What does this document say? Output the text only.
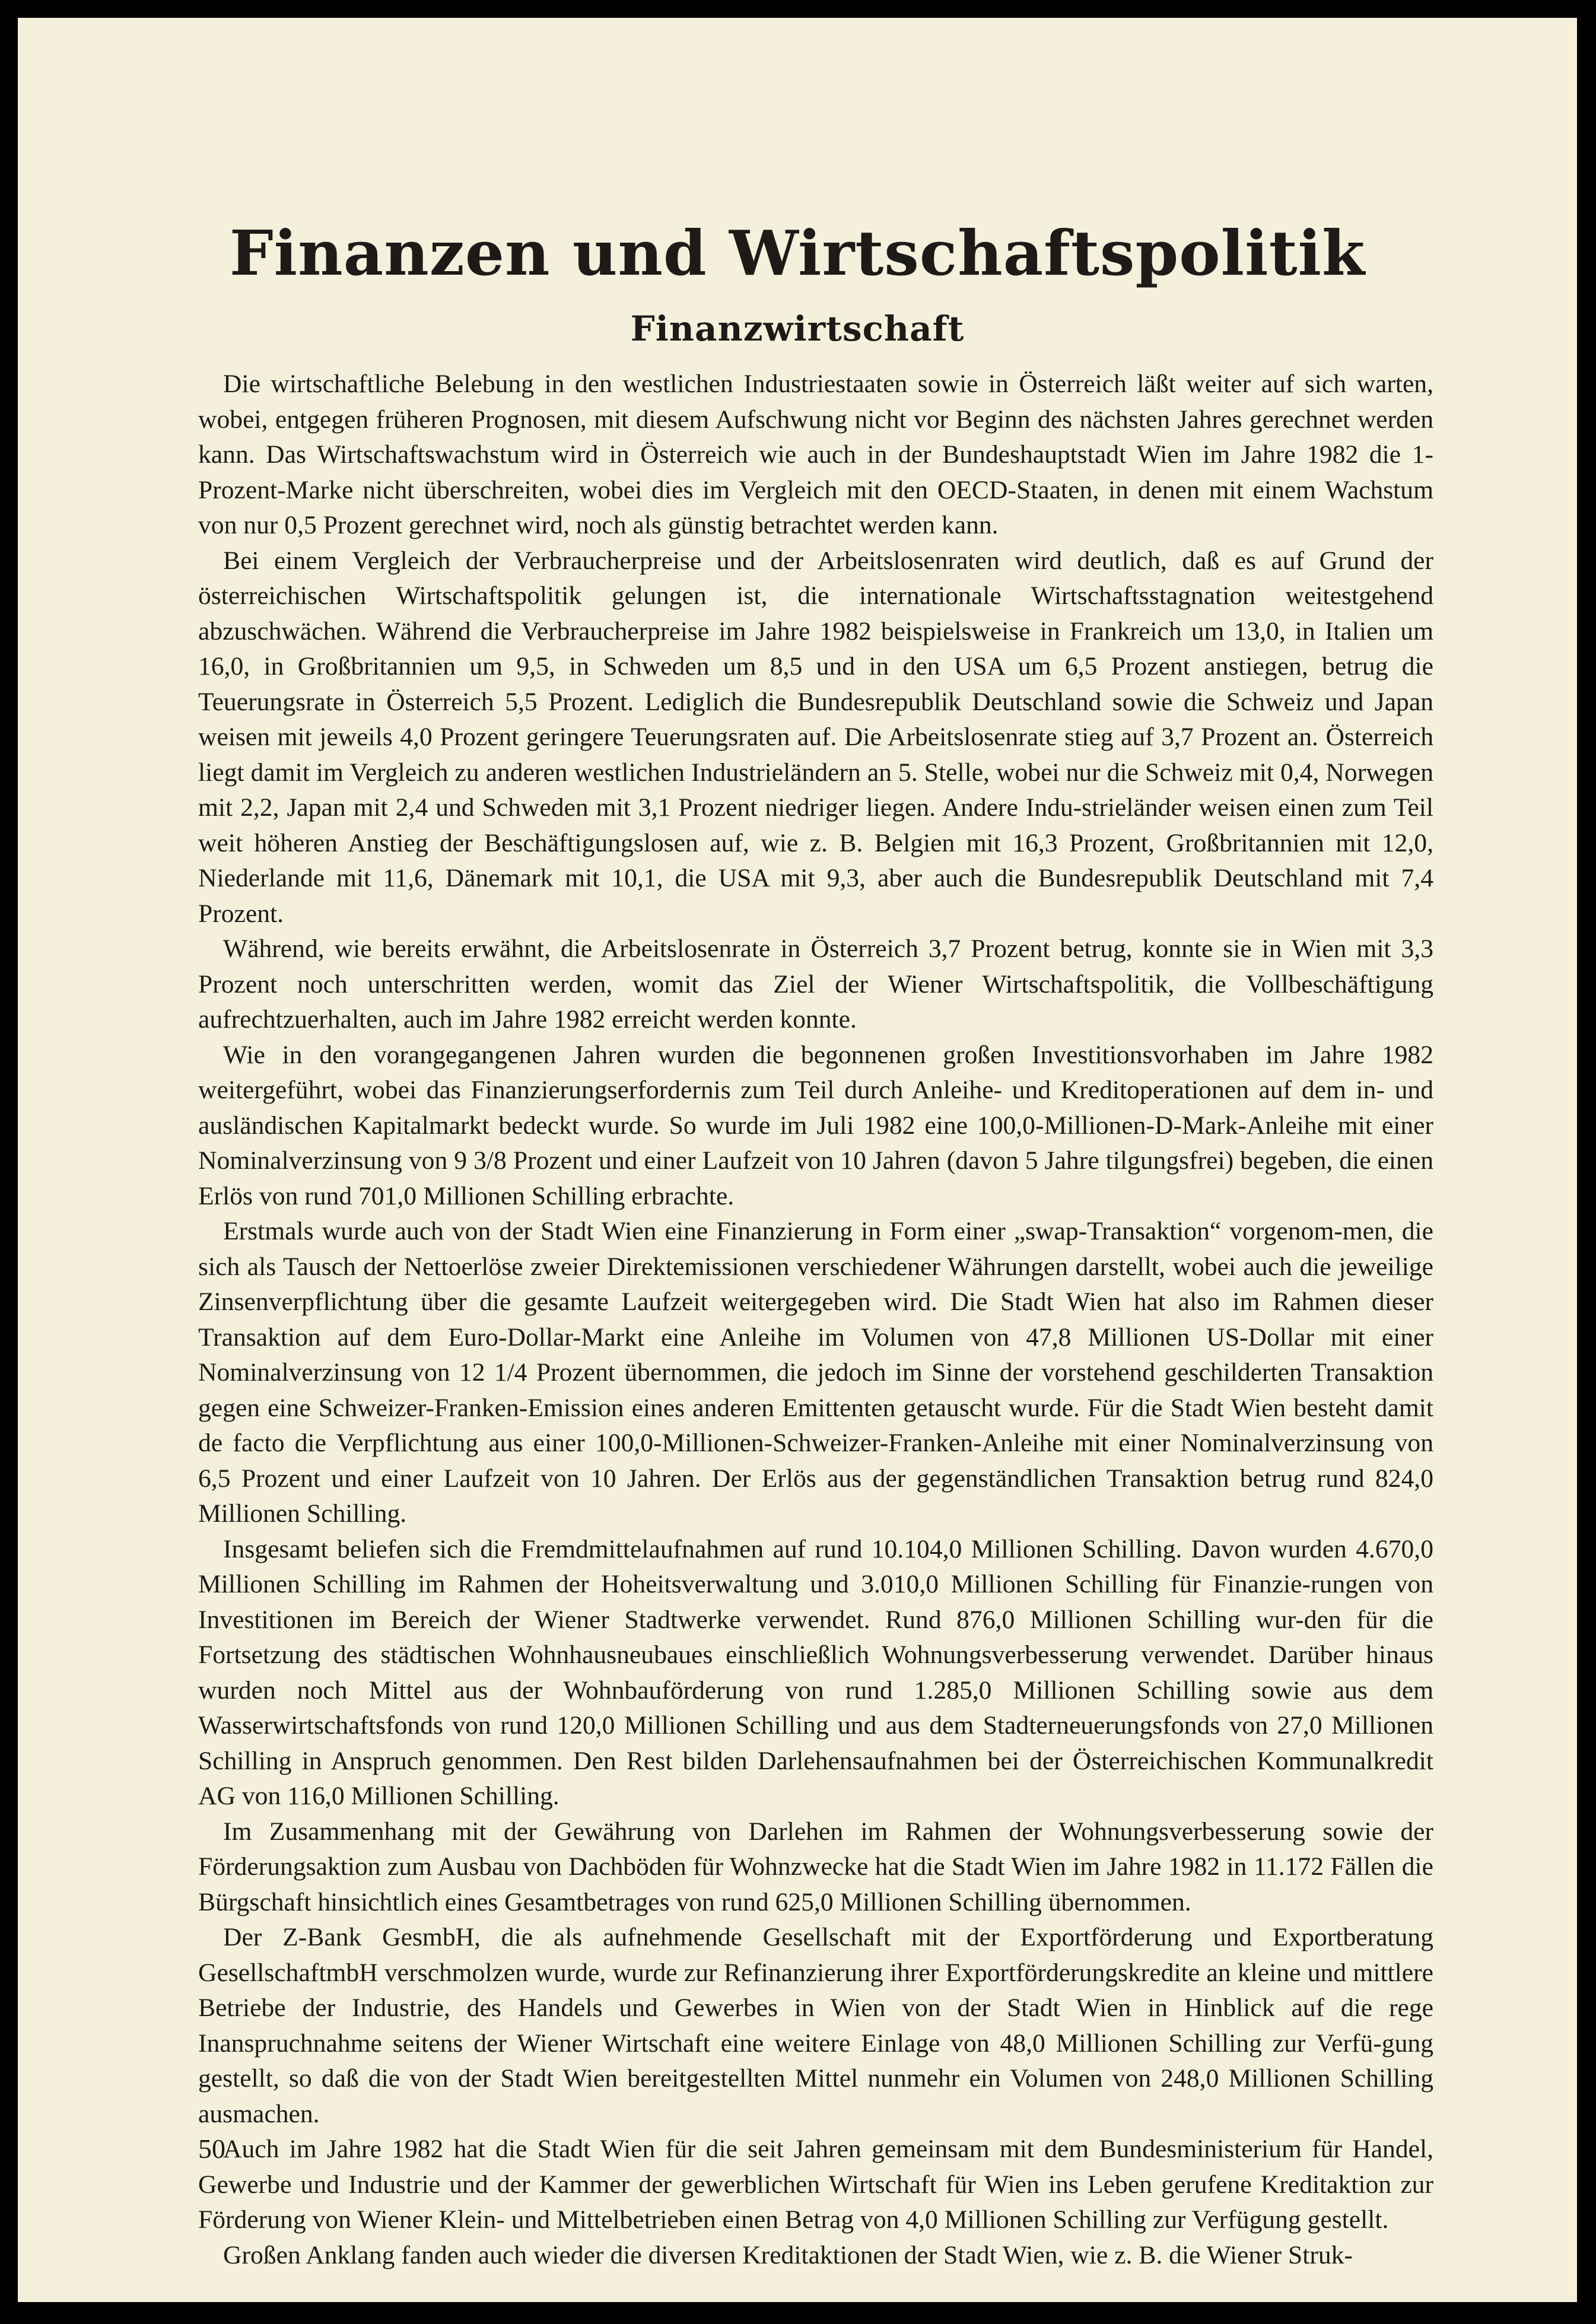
Finanzen und Wirtschaftspolitik
Finanzwirtschaft

Die wirtschaftliche Belebung in den westlichen Industriestaaten sowie in Österreich läßt weiter auf sich warten, wobei, entgegen früheren Prognosen, mit diesem Aufschwung nicht vor Beginn des nächsten Jahres gerechnet werden kann. Das Wirtschaftswachstum wird in Österreich wie auch in der Bundeshauptstadt Wien im Jahre 1982 die 1-Prozent-Marke nicht überschreiten, wobei dies im Vergleich mit den OECD-Staaten, in denen mit einem Wachstum von nur 0,5 Prozent gerechnet wird, noch als günstig betrachtet werden kann.

Bei einem Vergleich der Verbraucherpreise und der Arbeitslosenraten wird deutlich, daß es auf Grund der österreichischen Wirtschaftspolitik gelungen ist, die internationale Wirtschaftsstagnation weitestgehend abzuschwächen. Während die Verbraucherpreise im Jahre 1982 beispielsweise in Frankreich um 13,0, in Italien um 16,0, in Großbritannien um 9,5, in Schweden um 8,5 und in den USA um 6,5 Prozent anstiegen, betrug die Teuerungsrate in Österreich 5,5 Prozent. Lediglich die Bundesrepublik Deutschland sowie die Schweiz und Japan weisen mit jeweils 4,0 Prozent geringere Teuerungsraten auf. Die Arbeitslosenrate stieg auf 3,7 Prozent an. Österreich liegt damit im Vergleich zu anderen westlichen Industrieländern an 5. Stelle, wobei nur die Schweiz mit 0,4, Norwegen mit 2,2, Japan mit 2,4 und Schweden mit 3,1 Prozent niedriger liegen. Andere Indu-strieländer weisen einen zum Teil weit höheren Anstieg der Beschäftigungslosen auf, wie z. B. Belgien mit 16,3 Prozent, Großbritannien mit 12,0, Niederlande mit 11,6, Dänemark mit 10,1, die USA mit 9,3, aber auch die Bundesrepublik Deutschland mit 7,4 Prozent.

Während, wie bereits erwähnt, die Arbeitslosenrate in Österreich 3,7 Prozent betrug, konnte sie in Wien mit 3,3 Prozent noch unterschritten werden, womit das Ziel der Wiener Wirtschaftspolitik, die Vollbeschäftigung aufrechtzuerhalten, auch im Jahre 1982 erreicht werden konnte.

Wie in den vorangegangenen Jahren wurden die begonnenen großen Investitionsvorhaben im Jahre 1982 weitergeführt, wobei das Finanzierungserfordernis zum Teil durch Anleihe- und Kreditoperationen auf dem in- und ausländischen Kapitalmarkt bedeckt wurde. So wurde im Juli 1982 eine 100,0-Millionen-D-Mark-Anleihe mit einer Nominalverzinsung von 9 3/8 Prozent und einer Laufzeit von 10 Jahren (davon 5 Jahre tilgungsfrei) begeben, die einen Erlös von rund 701,0 Millionen Schilling erbrachte.

Erstmals wurde auch von der Stadt Wien eine Finanzierung in Form einer „swap-Transaktion“ vorgenom-men, die sich als Tausch der Nettoerlöse zweier Direktemissionen verschiedener Währungen darstellt, wobei auch die jeweilige Zinsenverpflichtung über die gesamte Laufzeit weitergegeben wird. Die Stadt Wien hat also im Rahmen dieser Transaktion auf dem Euro-Dollar-Markt eine Anleihe im Volumen von 47,8 Millionen US-Dollar mit einer Nominalverzinsung von 12 1/4 Prozent übernommen, die jedoch im Sinne der vorstehend geschilderten Transaktion gegen eine Schweizer-Franken-Emission eines anderen Emittenten getauscht wurde. Für die Stadt Wien besteht damit de facto die Verpflichtung aus einer 100,0-Millionen-Schweizer-Franken-Anleihe mit einer Nominalverzinsung von 6,5 Prozent und einer Laufzeit von 10 Jahren. Der Erlös aus der gegenständlichen Transaktion betrug rund 824,0 Millionen Schilling.

Insgesamt beliefen sich die Fremdmittelaufnahmen auf rund 10.104,0 Millionen Schilling. Davon wurden 4.670,0 Millionen Schilling im Rahmen der Hoheitsverwaltung und 3.010,0 Millionen Schilling für Finanzie-rungen von Investitionen im Bereich der Wiener Stadtwerke verwendet. Rund 876,0 Millionen Schilling wur-den für die Fortsetzung des städtischen Wohnhausneubaues einschließlich Wohnungsverbesserung verwendet. Darüber hinaus wurden noch Mittel aus der Wohnbauförderung von rund 1.285,0 Millionen Schilling sowie aus dem Wasserwirtschaftsfonds von rund 120,0 Millionen Schilling und aus dem Stadterneuerungsfonds von 27,0 Millionen Schilling in Anspruch genommen. Den Rest bilden Darlehensaufnahmen bei der Österreichischen Kommunalkredit AG von 116,0 Millionen Schilling.

Im Zusammenhang mit der Gewährung von Darlehen im Rahmen der Wohnungsverbesserung sowie der Förderungsaktion zum Ausbau von Dachböden für Wohnzwecke hat die Stadt Wien im Jahre 1982 in 11.172 Fällen die Bürgschaft hinsichtlich eines Gesamtbetrages von rund 625,0 Millionen Schilling übernommen.

Der Z-Bank GesmbH, die als aufnehmende Gesellschaft mit der Exportförderung und Exportberatung GesellschaftmbH verschmolzen wurde, wurde zur Refinanzierung ihrer Exportförderungskredite an kleine und mittlere Betriebe der Industrie, des Handels und Gewerbes in Wien von der Stadt Wien in Hinblick auf die rege Inanspruchnahme seitens der Wiener Wirtschaft eine weitere Einlage von 48,0 Millionen Schilling zur Verfü-gung gestellt, so daß die von der Stadt Wien bereitgestellten Mittel nunmehr ein Volumen von 248,0 Millionen Schilling ausmachen.

Auch im Jahre 1982 hat die Stadt Wien für die seit Jahren gemeinsam mit dem Bundesministerium für Handel, Gewerbe und Industrie und der Kammer der gewerblichen Wirtschaft für Wien ins Leben gerufene Kreditaktion zur Förderung von Wiener Klein- und Mittelbetrieben einen Betrag von 4,0 Millionen Schilling zur Verfügung gestellt.

Großen Anklang fanden auch wieder die diversen Kreditaktionen der Stadt Wien, wie z. B. die Wiener Struk-

50
